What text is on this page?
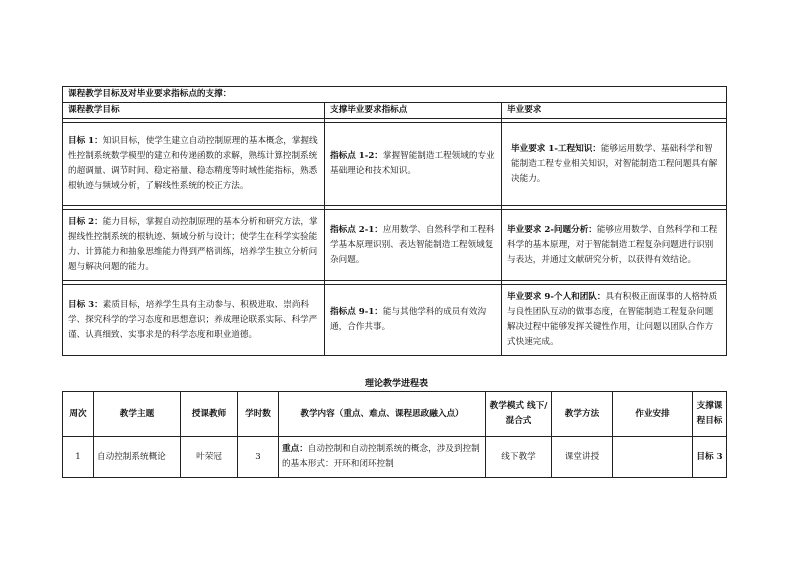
课程教学目标及对毕业要求指标点的支撑：		
课程教学目标	支撑毕业要求指标点	毕业要求

目标 1：知识目标，使学生建立自动控制原理的基本概念，掌握线性控制系统数学模型的建立和传递函数的求解，熟练计算控制系统的超调量、调节时间、稳定裕量、稳态精度等时域性能指标，熟悉根轨迹与频域分析，了解线性系统的校正方法。	指标点 1-2：掌握智能制造工程领域的专业基础理论和技术知识。	毕业要求 1-工程知识：能够运用数学、基础科学和智能制造工程专业相关知识，对智能制造工程问题具有解决能力。

目标 2：能力目标，掌握自动控制原理的基本分析和研究方法，掌握线性控制系统的根轨迹、频域分析与设计；使学生在科学实验能力、计算能力和抽象思维能力得到严格训练，培养学生独立分析问题与解决问题的能力。	指标点 2-1：应用数学、自然科学和工程科学基本原理识别、表达智能制造工程领域复杂问题。	毕业要求 2-问题分析：能够应用数学、自然科学和工程科学的基本原理，对于智能制造工程复杂问题进行识别与表达，并通过文献研究分析，以获得有效结论。

目标 3：素质目标，培养学生具有主动参与、积极进取、崇尚科学、探究科学的学习态度和思想意识；养成理论联系实际、科学严谨、认真细致、实事求是的科学态度和职业道德。	指标点 9-1：能与其他学科的成员有效沟通，合作共事。	毕业要求 9-个人和团队：具有积极正面谋事的人格特质与良性团队互动的做事态度，在智能制造工程复杂问题解决过程中能够发挥关键性作用，让问题以团队合作方式快速完成。
理论教学进程表
周次	教学主题	授课教师	学时数	教学内容（重点、难点、课程思政融入点）	教学模式 线下/混合式	教学方法	作业安排	支撑课程目标
1	自动控制系统概论	叶荣冠	3	重点：自动控制和自动控制系统的概念，涉及到控制的基本形式：开环和闭环控制	线下教学	课堂讲授		目标 3
